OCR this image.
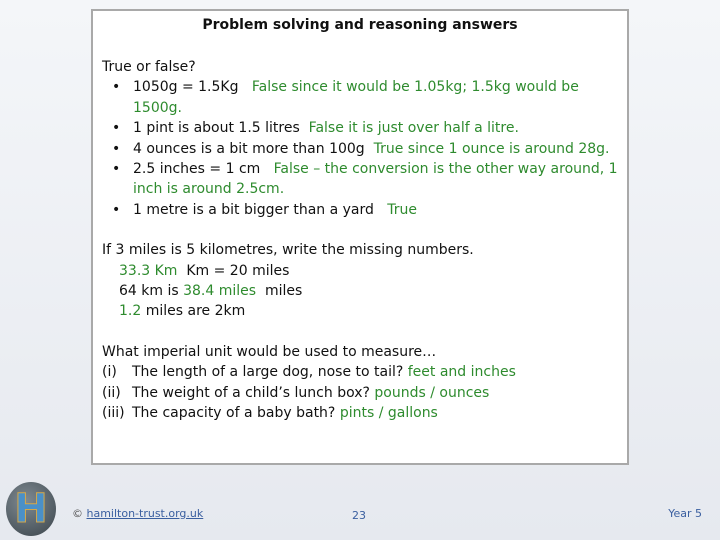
Problem solving and reasoning answers
True or false?
• 1050g = 1.5Kg False since it would be 1.05kg; 1.5kg would be 1500g.
• 1 pint is about 1.5 litres False it is just over half a litre.
• 4 ounces is a bit more than 100g True since 1 ounce is around 28g.
• 2.5 inches = 1 cm False – the conversion is the other way around, 1 inch is around 2.5cm.
• 1 metre is a bit bigger than a yard True
If 3 miles is 5 kilometres, write the missing numbers.
33.3 Km Km = 20 miles
64 km is 38.4 miles miles
1.2 miles are 2km
What imperial unit would be used to measure…
(i)	The length of a large dog, nose to tail? feet and inches
(ii) The weight of a child’s lunch box? pounds / ounces
(iii) The capacity of a baby bath? pints / gallons
H © hamilton-trust.org.uk	23	Year 5
